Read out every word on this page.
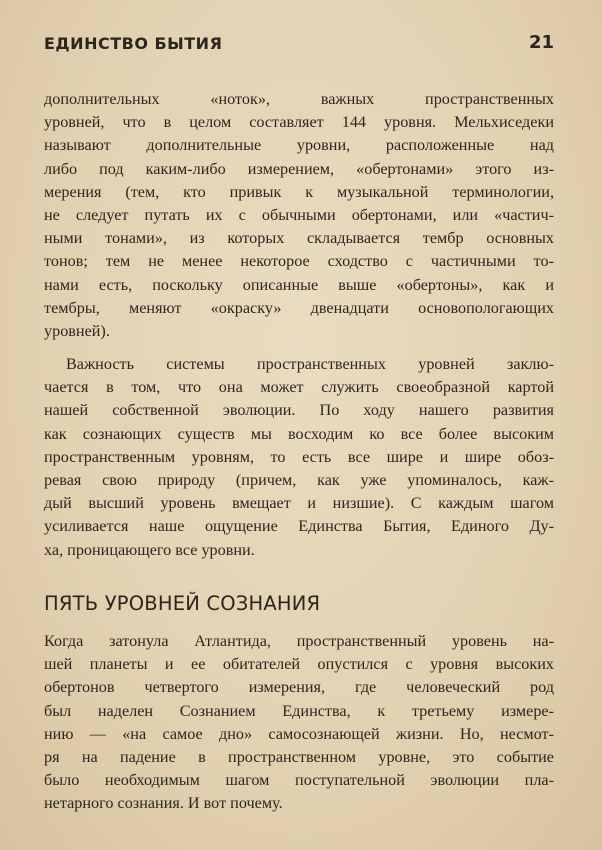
ЕДИНСТВО БЫТИЯ	21
дополнительных «ноток», важных пространственных
уровней, что в целом составляет 144 уровня. Мельхиседеки
называют дополнительные уровни, расположенные над
либо под каким-либо измерением, «обертонами» этого из-
мерения (тем, кто привык к музыкальной терминологии,
не следует путать их с обычными обертонами, или «частич-
ными тонами», из которых складывается тембр основных
тонов; тем не менее некоторое сходство с частичными то-
нами есть, поскольку описанные выше «обертоны», как и
тембры, меняют «окраску» двенадцати основопологающих
уровней).
Важность системы пространственных уровней заклю-
чается в том, что она может служить своеобразной картой
нашей собственной эволюции. По ходу нашего развития
как сознающих существ мы восходим ко все более высоким
пространственным уровням, то есть все шире и шире обоз-
ревая свою природу (причем, как уже упоминалось, каж-
дый высший уровень вмещает и низшие). С каждым шагом
усиливается наше ощущение Единства Бытия, Единого Ду-
ха, проницающего все уровни.
ПЯТЬ УРОВНЕЙ СОЗНАНИЯ
Когда затонула Атлантида, пространственный уровень на-
шей планеты и ее обитателей опустился с уровня высоких
обертонов четвертого измерения, где человеческий род
был наделен Сознанием Единства, к третьему измере-
нию — «на самое дно» самосознающей жизни. Но, несмот-
ря на падение в пространственном уровне, это событие
было необходимым шагом поступательной эволюции пла-
нетарного сознания. И вот почему.
